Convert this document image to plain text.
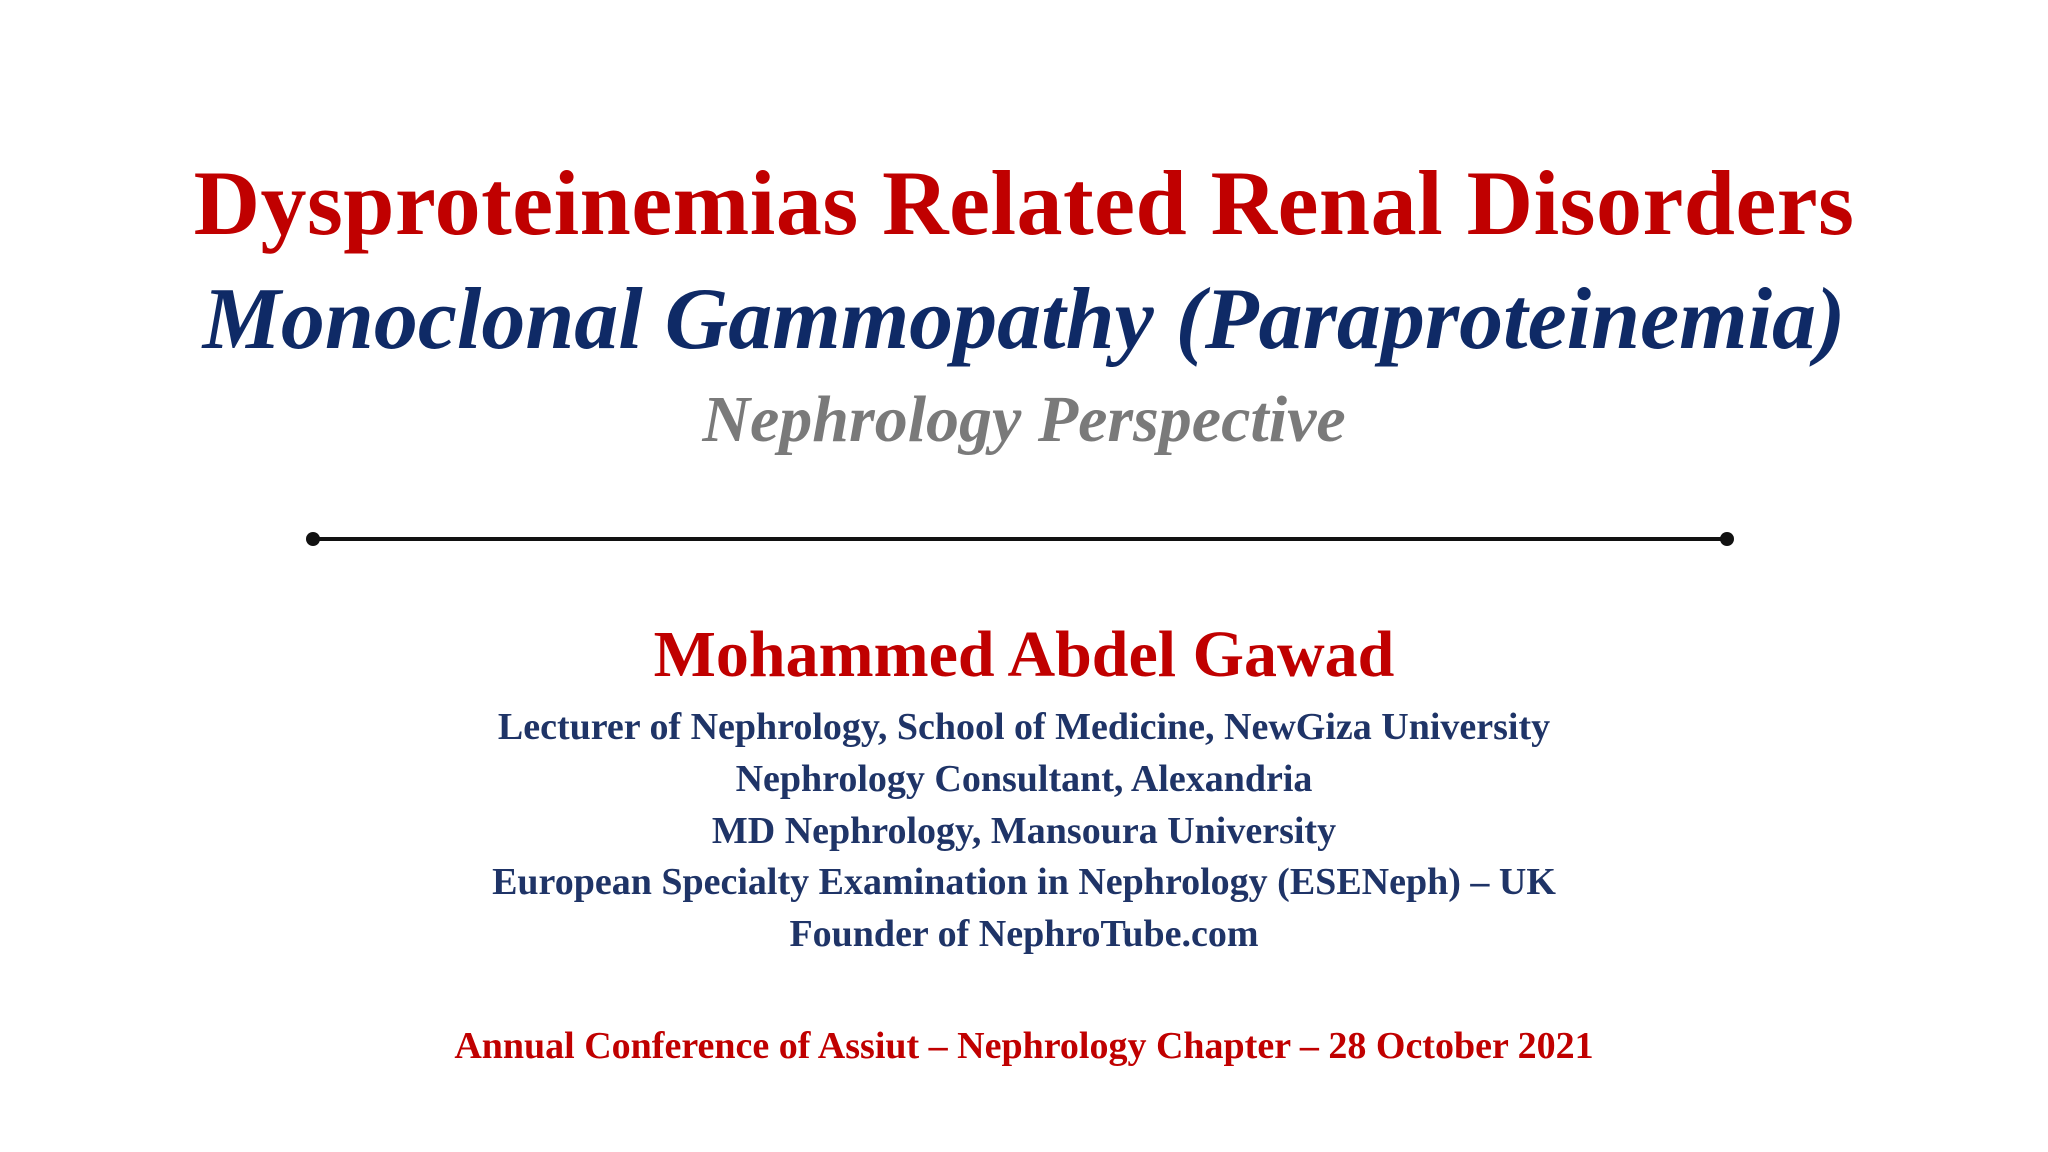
Dysproteinemias Related Renal Disorders
Monoclonal Gammopathy (Paraproteinemia)
Nephrology Perspective
Mohammed Abdel Gawad
Lecturer of Nephrology, School of Medicine, NewGiza University
Nephrology Consultant, Alexandria
MD Nephrology, Mansoura University
European Specialty Examination in Nephrology (ESENeph) – UK
Founder of NephroTube.com
Annual Conference of Assiut – Nephrology Chapter – 28 October 2021
